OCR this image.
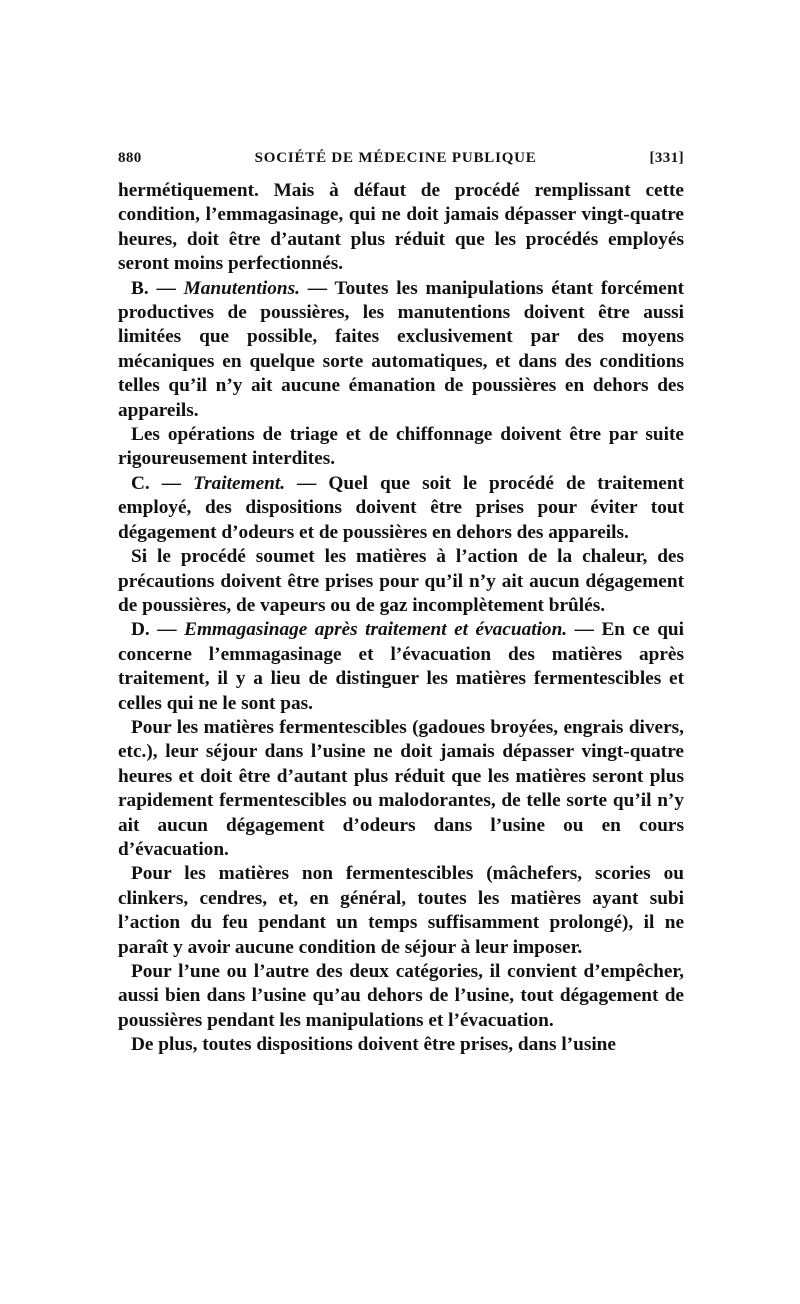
880	SOCIÉTÉ DE MÉDECINE PUBLIQUE	[331]

hermétiquement. Mais à défaut de procédé remplissant cette condition, l’emmagasinage, qui ne doit jamais dépasser vingt-quatre heures, doit être d’autant plus réduit que les procédés employés seront moins perfectionnés.

B. — Manutentions. — Toutes les manipulations étant forcément productives de poussières, les manutentions doivent être aussi limitées que possible, faites exclusivement par des moyens mécaniques en quelque sorte automatiques, et dans des conditions telles qu’il n’y ait aucune émanation de poussières en dehors des appareils.

Les opérations de triage et de chiffonnage doivent être par suite rigoureusement interdites.

C. — Traitement. — Quel que soit le procédé de traitement employé, des dispositions doivent être prises pour éviter tout dégagement d’odeurs et de poussières en dehors des appareils.

Si le procédé soumet les matières à l’action de la chaleur, des précautions doivent être prises pour qu’il n’y ait aucun dégagement de poussières, de vapeurs ou de gaz incomplètement brûlés.

D. — Emmagasinage après traitement et évacuation. — En ce qui concerne l’emmagasinage et l’évacuation des matières après traitement, il y a lieu de distinguer les matières fermentescibles et celles qui ne le sont pas.

Pour les matières fermentescibles (gadoues broyées, engrais divers, etc.), leur séjour dans l’usine ne doit jamais dépasser vingt-quatre heures et doit être d’autant plus réduit que les matières seront plus rapidement fermentescibles ou malodorantes, de telle sorte qu’il n’y ait aucun dégagement d’odeurs dans l’usine ou en cours d’évacuation.

Pour les matières non fermentescibles (mâchefers, scories ou clinkers, cendres, et, en général, toutes les matières ayant subi l’action du feu pendant un temps suffisamment prolongé), il ne paraît y avoir aucune condition de séjour à leur imposer.

Pour l’une ou l’autre des deux catégories, il convient d’empêcher, aussi bien dans l’usine qu’au dehors de l’usine, tout dégagement de poussières pendant les manipulations et l’évacuation.

De plus, toutes dispositions doivent être prises, dans l’usine
